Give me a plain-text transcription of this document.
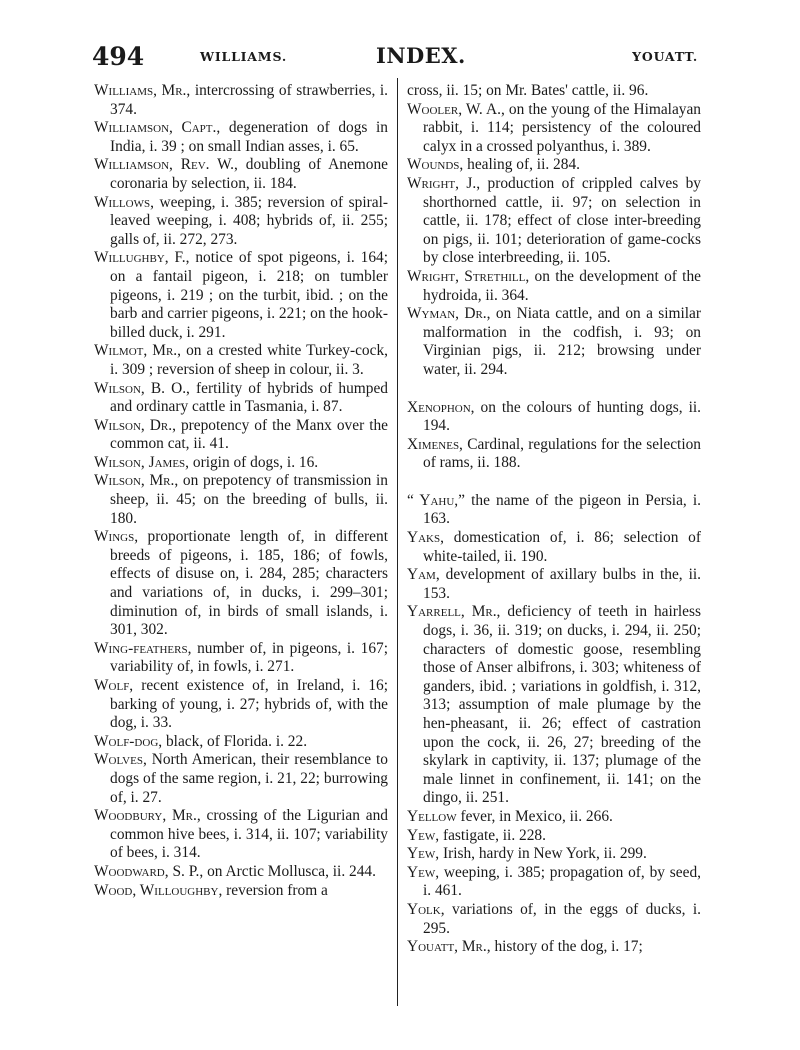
494	WILLIAMS.	INDEX.	YOUATT.

Williams, Mr., intercrossing of strawberries, i. 374.

Williamson, Capt., degeneration of dogs in India, i. 39 ; on small Indian asses, i. 65.

Williamson, Rev. W., doubling of Anemone coronaria by selection, ii. 184.

Willows, weeping, i. 385; reversion of spiral-leaved weeping, i. 408; hybrids of, ii. 255; galls of, ii. 272, 273.

Willughby, F., notice of spot pigeons, i. 164; on a fantail pigeon, i. 218; on tumbler pigeons, i. 219 ; on the turbit, ibid. ; on the barb and carrier pigeons, i. 221; on the hook-billed duck, i. 291.

Wilmot, Mr., on a crested white Turkey-cock, i. 309 ; reversion of sheep in colour, ii. 3.

Wilson, B. O., fertility of hybrids of humped and ordinary cattle in Tasmania, i. 87.

Wilson, Dr., prepotency of the Manx over the common cat, ii. 41.

Wilson, James, origin of dogs, i. 16.

Wilson, Mr., on prepotency of transmission in sheep, ii. 45; on the breeding of bulls, ii. 180.

Wings, proportionate length of, in different breeds of pigeons, i. 185, 186; of fowls, effects of disuse on, i. 284, 285; characters and variations of, in ducks, i. 299–301; diminution of, in birds of small islands, i. 301, 302.

Wing-feathers, number of, in pigeons, i. 167; variability of, in fowls, i. 271.

Wolf, recent existence of, in Ireland, i. 16; barking of young, i. 27; hybrids of, with the dog, i. 33.

Wolf-dog, black, of Florida. i. 22.

Wolves, North American, their resemblance to dogs of the same region, i. 21, 22; burrowing of, i. 27.

Woodbury, Mr., crossing of the Ligurian and common hive bees, i. 314, ii. 107; variability of bees, i. 314.

Woodward, S. P., on Arctic Mollusca, ii. 244.

Wood, Willoughby, reversion from a

cross, ii. 15; on Mr. Bates' cattle, ii. 96.

Wooler, W. A., on the young of the Himalayan rabbit, i. 114; persistency of the coloured calyx in a crossed polyanthus, i. 389.

Wounds, healing of, ii. 284.

Wright, J., production of crippled calves by shorthorned cattle, ii. 97; on selection in cattle, ii. 178; effect of close inter-breeding on pigs, ii. 101; deterioration of game-cocks by close interbreeding, ii. 105.

Wright, Strethill, on the development of the hydroida, ii. 364.

Wyman, Dr., on Niata cattle, and on a similar malformation in the codfish, i. 93; on Virginian pigs, ii. 212; browsing under water, ii. 294.

Xenophon, on the colours of hunting dogs, ii. 194.

Ximenes, Cardinal, regulations for the selection of rams, ii. 188.

“ Yahu,” the name of the pigeon in Persia, i. 163.

Yaks, domestication of, i. 86; selection of white-tailed, ii. 190.

Yam, development of axillary bulbs in the, ii. 153.

Yarrell, Mr., deficiency of teeth in hairless dogs, i. 36, ii. 319; on ducks, i. 294, ii. 250; characters of domestic goose, resembling those of Anser albifrons, i. 303; whiteness of ganders, ibid. ; variations in goldfish, i. 312, 313; assumption of male plumage by the hen-pheasant, ii. 26; effect of castration upon the cock, ii. 26, 27; breeding of the skylark in captivity, ii. 137; plumage of the male linnet in confinement, ii. 141; on the dingo, ii. 251.

Yellow fever, in Mexico, ii. 266.

Yew, fastigate, ii. 228.

Yew, Irish, hardy in New York, ii. 299.

Yew, weeping, i. 385; propagation of, by seed, i. 461.

Yolk, variations of, in the eggs of ducks, i. 295.

Youatt, Mr., history of the dog, i. 17;
